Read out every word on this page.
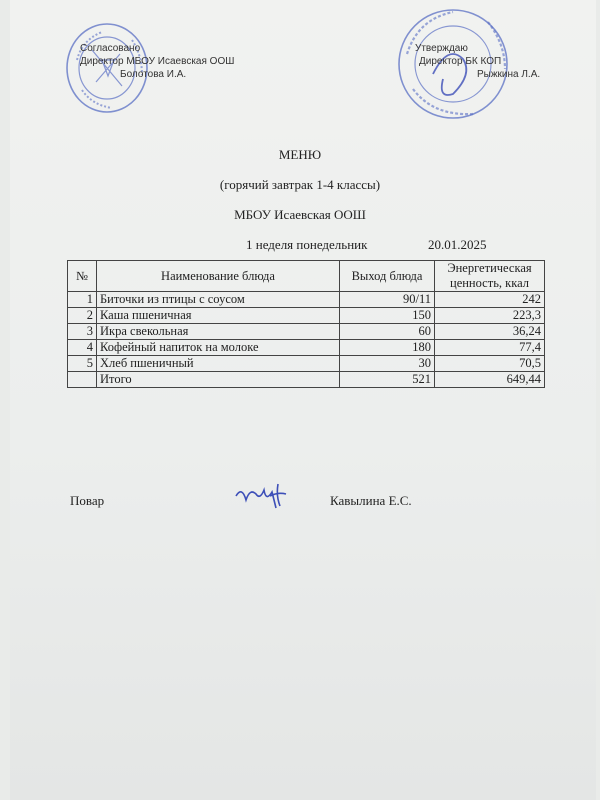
Согласовано
Директор МБОУ Исаевская ООШ
Болотова И.А.
Утверждаю
Директор БК КОП
Рыжкина Л.А.
МЕНЮ
(горячий завтрак 1-4 классы)
МБОУ Исаевская ООШ
1 неделя понедельник	20.01.2025
№	Наименование блюда	Выход блюда	Энергетическая ценность, ккал
1	Биточки из птицы с соусом	90/11	242
2	Каша пшеничная	150	223,3
3	Икра свекольная	60	36,24
4	Кофейный напиток на молоке	180	77,4
5	Хлеб пшеничный	30	70,5
	Итого	521	649,44
Повар	Кавылина Е.С.
